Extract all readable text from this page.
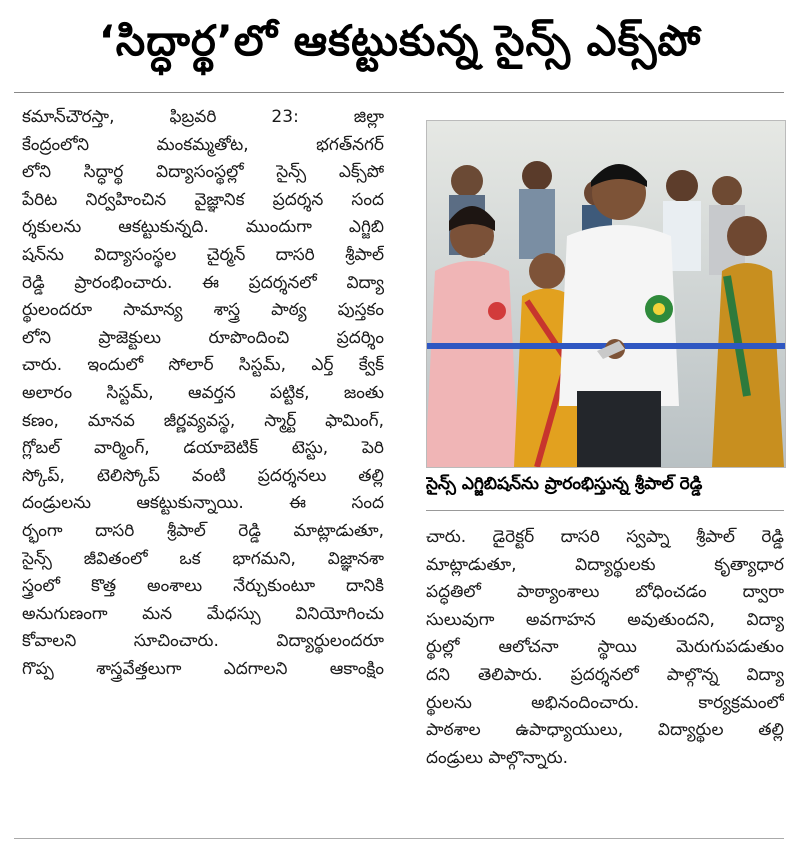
‘సిద్ధార్థ’లో ఆకట్టుకున్న సైన్స్ ఎక్స్‌పో
కమాన్‌చౌరస్తా, ఫిబ్రవరి 23: జిల్లా
కేంద్రంలోని మంకమ్మతోట, భగత్‌నగర్
లోని సిద్ధార్థ విద్యాసంస్థల్లో సైన్స్ ఎక్స్‌పో
పేరిట నిర్వహించిన వైజ్ఞానిక ప్రదర్శన సంద
ర్శకులను ఆకట్టుకున్నది. ముందుగా ఎగ్జిబి
షన్‌ను విద్యాసంస్థల చైర్మన్ దాసరి శ్రీపాల్
రెడ్డి ప్రారంభించారు. ఈ ప్రదర్శనలో విద్యా
ర్థులందరూ సామాన్య శాస్త్ర పాఠ్య పుస్తకం
లోని ప్రాజెక్టులు రూపొందించి ప్రదర్శిం
చారు. ఇందులో సోలార్ సిస్టమ్, ఎర్త్ క్వేక్
అలారం సిస్టమ్, ఆవర్తన పట్టిక, జంతు
కణం, మానవ జీర్ణవ్యవస్థ, స్మార్ట్ ఫామింగ్,
గ్లోబల్ వార్మింగ్, డయాబెటిక్ టెస్టు, పెరి
స్కోప్, టెలిస్కోప్ వంటి ప్రదర్శనలు తల్లి
దండ్రులను ఆకట్టుకున్నాయి. ఈ సంద
ర్భంగా దాసరి శ్రీపాల్ రెడ్డి మాట్లాడుతూ,
సైన్స్ జీవితంలో ఒక భాగమని, విజ్ఞానశా
స్త్రంలో కొత్త అంశాలు నేర్చుకుంటూ దానికి
అనుగుణంగా మన మేధస్సు వినియోగించు
కోవాలని సూచించారు. విద్యార్థులందరూ
గొప్ప శాస్త్రవేత్తలుగా ఎదగాలని ఆకాంక్షిం
సైన్స్ ఎగ్జిబిషన్‌ను ప్రారంభిస్తున్న శ్రీపాల్ రెడ్డి
చారు. డైరెక్టర్ దాసరి స్వప్నా శ్రీపాల్ రెడ్డి
మాట్లాడుతూ, విద్యార్థులకు కృత్యాధార
పద్ధతిలో పాఠ్యాంశాలు బోధించడం ద్వారా
సులువుగా అవగాహన అవుతుందని, విద్యా
ర్థుల్లో ఆలోచనా స్థాయి మెరుగుపడుతుం
దని తెలిపారు. ప్రదర్శనలో పాల్గొన్న విద్యా
ర్థులను అభినందించారు. కార్యక్రమంలో
పాఠశాల ఉపాధ్యాయులు, విద్యార్థుల తల్లి
దండ్రులు పాల్గొన్నారు.
